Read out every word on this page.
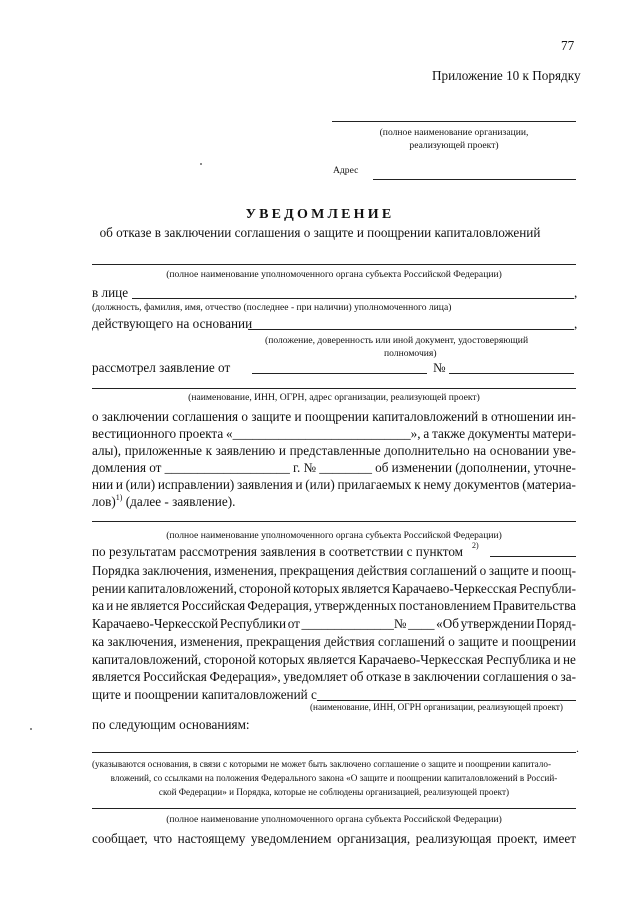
77
Приложение 10 к Порядку
(полное наименование организации,
реализующей проект)
Адрес
УВЕДОМЛЕНИЕ
об отказе в заключении соглашения о защите и поощрении капиталовложений
(полное наименование уполномоченного органа субъекта Российской Федерации)
в лице	,
(должность, фамилия, имя, отчество (последнее - при наличии) уполномоченного лица)
действующего на основании	,
(положение, доверенность или иной документ, удостоверяющий
полномочия)
рассмотрел заявление от	№
(наименование, ИНН, ОГРН, адрес организации, реализующей проект)
о заключении соглашения о защите и поощрении капиталовложений в отношении ин-
вестиционного проекта «___________________________», а также документы матери-
алы), приложенные к заявлению и представленные дополнительно на основании уве-
домления от ___________________ г. № ________ об изменении (дополнении, уточне-
нии и (или) исправлении) заявления и (или) прилагаемых к нему документов (материа-
лов)$^{1)}$ (далее - заявление).
(полное наименование уполномоченного органа субъекта Российской Федерации)
по результатам рассмотрения заявления в соответствии с пунктом 2)
Порядка заключения, изменения, прекращения действия соглашений о защите и поощ-
рении капиталовложений, стороной которых является Карачаево-Черкесская Республи-
ка и не является Российская Федерация, утвержденных постановлением Правительства
Карачаево-Черкесской Республики от ______________№ ____ «Об утверждении Поряд-
ка заключения, изменения, прекращения действия соглашений о защите и поощрении
капиталовложений, стороной которых является Карачаево-Черкесская Республика и не
является Российская Федерация», уведомляет об отказе в заключении соглашения о за-
щите и поощрении капиталовложений с
(наименование, ИНН, ОГРН организации, реализующей проект)
по следующим основаниям:
.
(указываются основания, в связи с которыми не может быть заключено соглашение о защите и поощрении капитало-
вложений, со ссылками на положения Федерального закона «О защите и поощрении капиталовложений в Россий-
ской Федерации» и Порядка, которые не соблюдены организацией, реализующей проект)
(полное наименование уполномоченного органа субъекта Российской Федерации)
сообщает, что настоящему уведомлением организация, реализующая проект, имеет
